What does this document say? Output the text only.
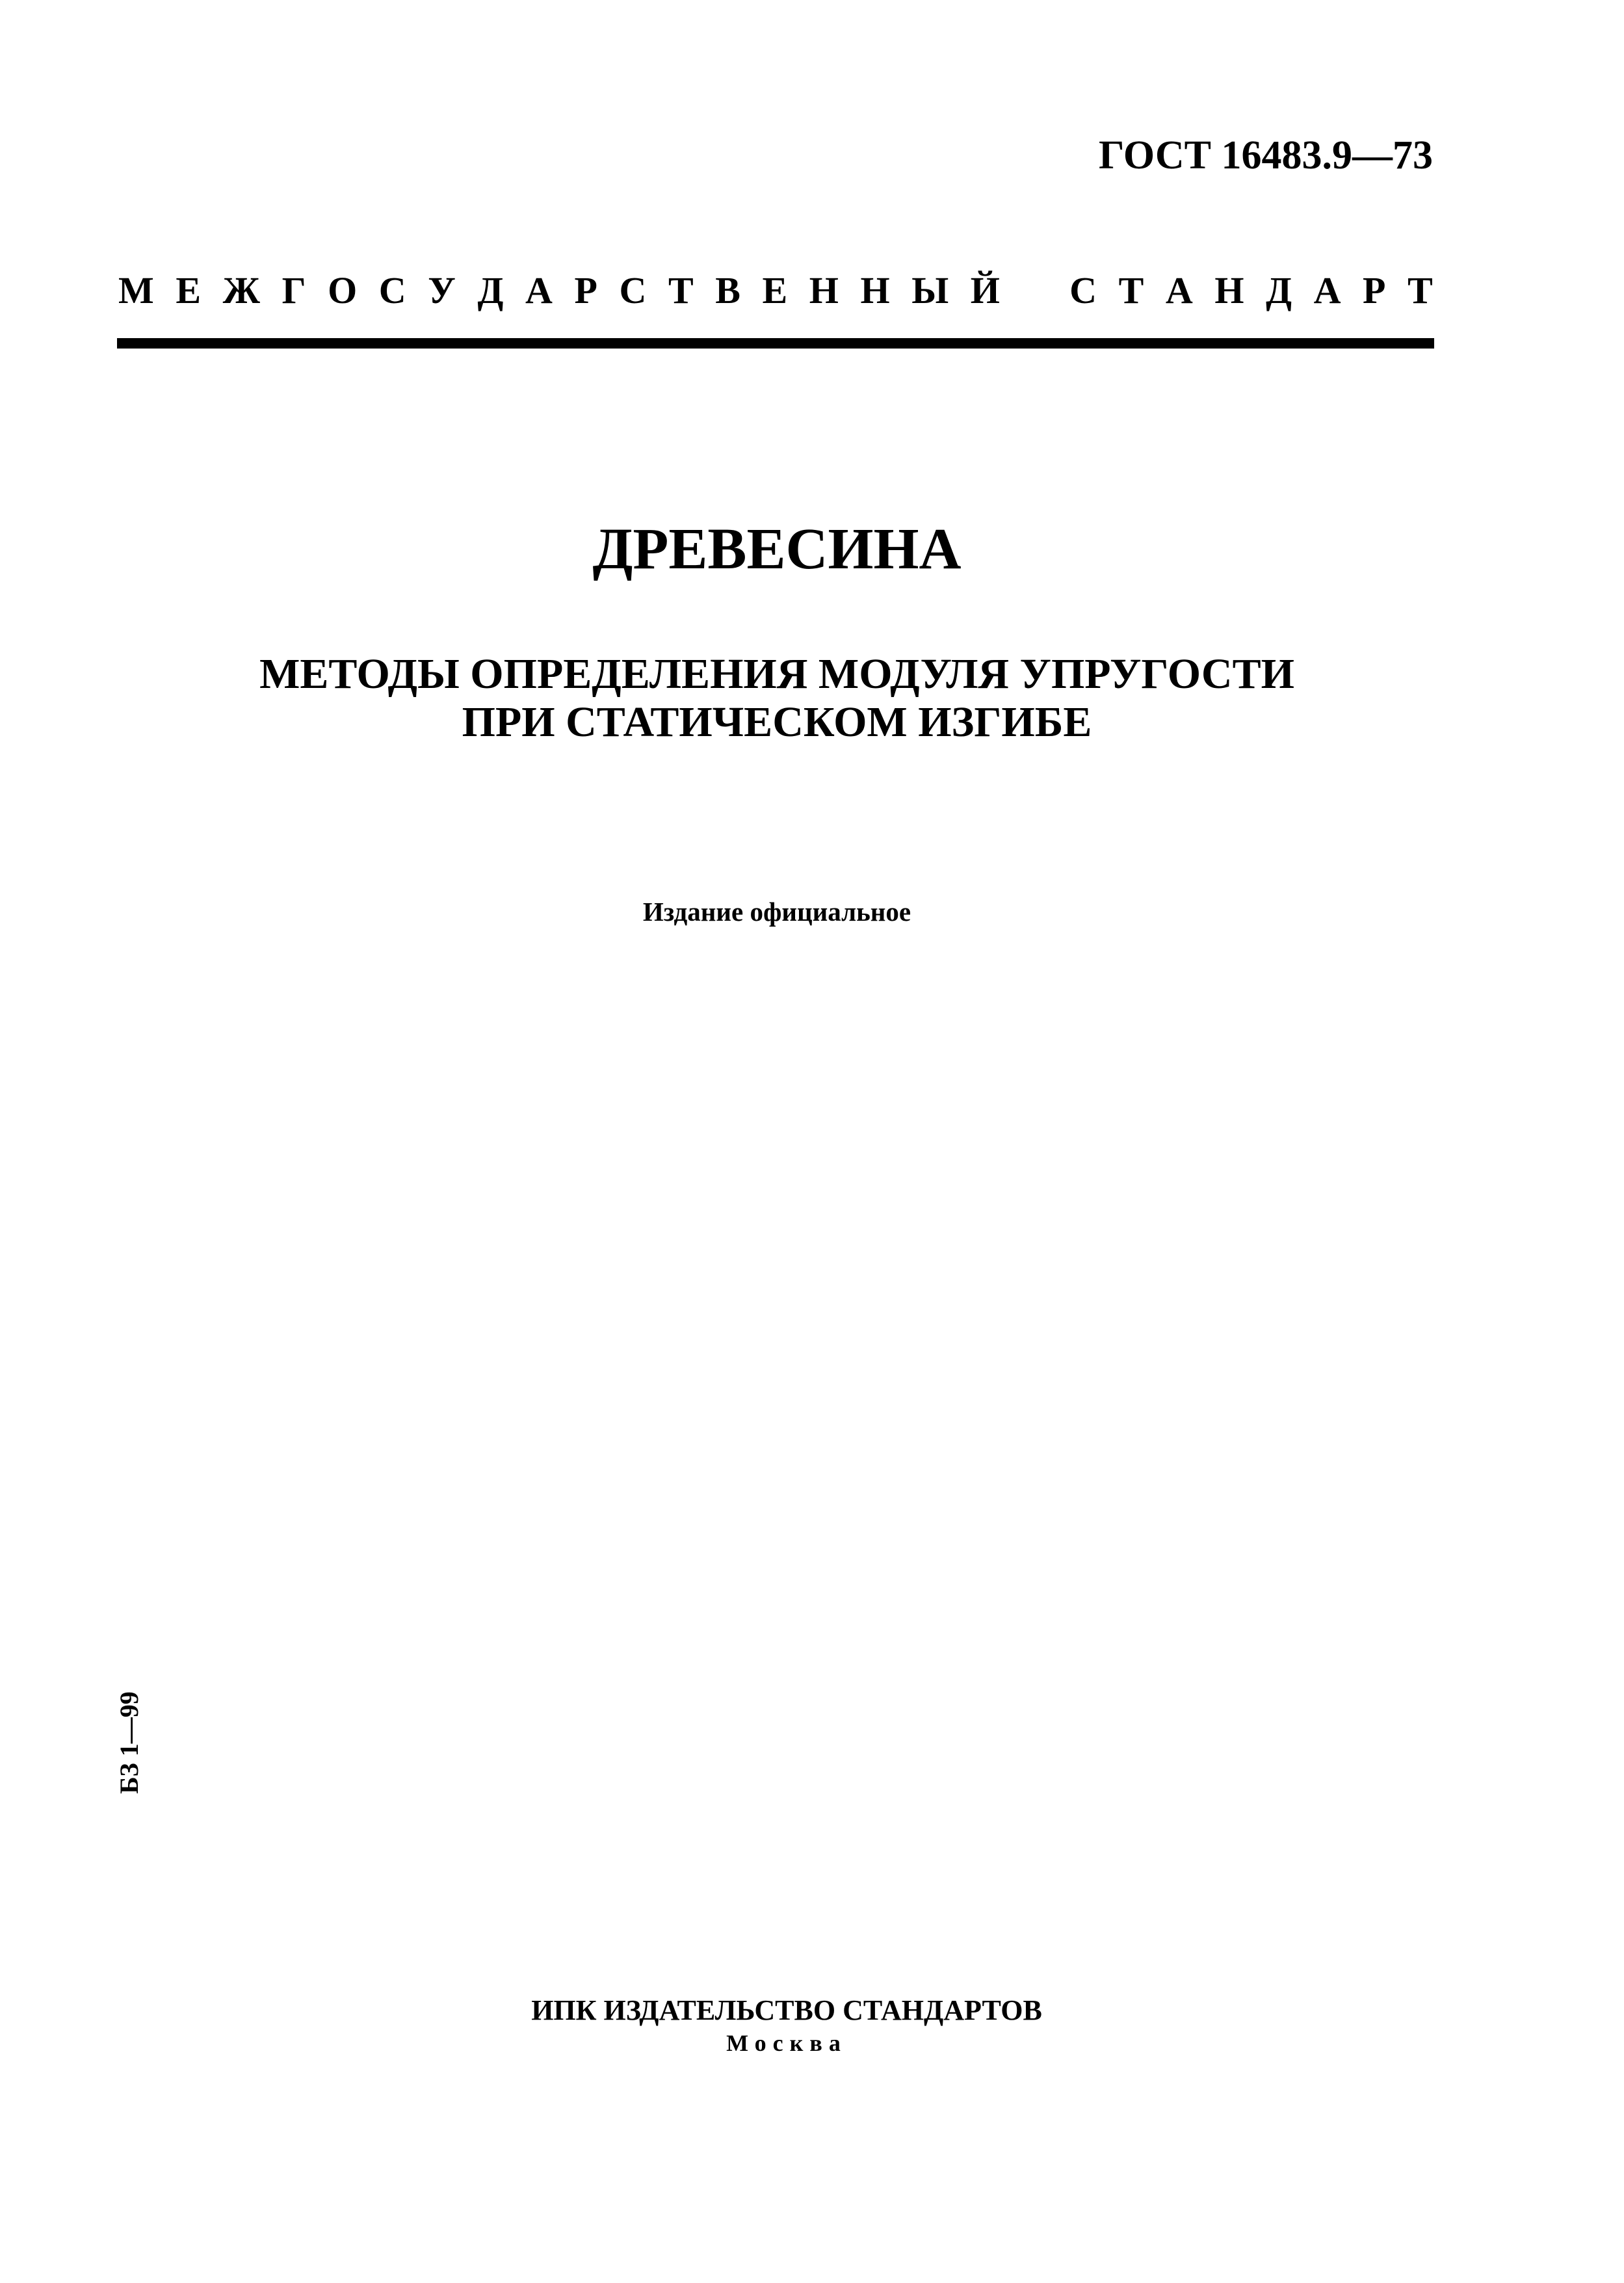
ГОСТ 16483.9—73
М Е Ж Г О С У Д А Р С Т В Е Н Н Ы Й С Т А Н Д А Р Т
ДРЕВЕСИНА
МЕТОДЫ ОПРЕДЕЛЕНИЯ МОДУЛЯ УПРУГОСТИ
ПРИ СТАТИЧЕСКОМ ИЗГИБЕ
Издание официальное
БЗ 1—99
ИПК ИЗДАТЕЛЬСТВО СТАНДАРТОВ
Москва
